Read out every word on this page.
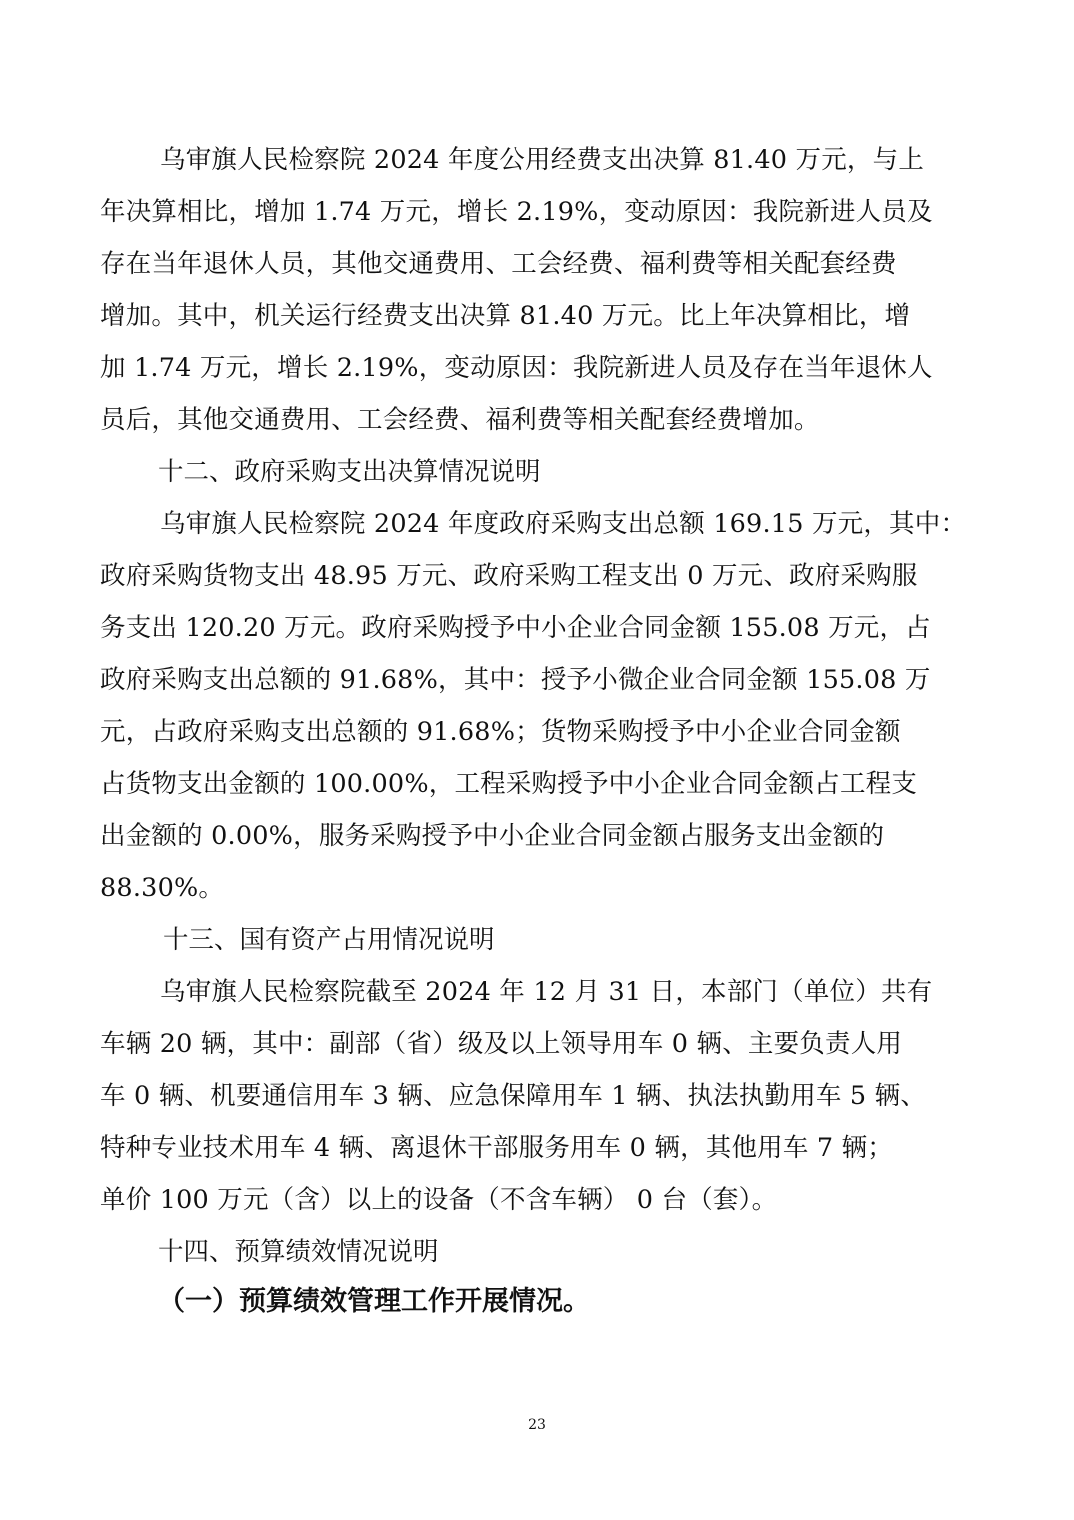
乌审旗人民检察院 2024 年度公用经费支出决算 81.40 万元，与上
年决算相比，增加 1.74 万元，增长 2.19%，变动原因：我院新进人员及
存在当年退休人员，其他交通费用、工会经费、福利费等相关配套经费
增加。其中，机关运行经费支出决算 81.40 万元。比上年决算相比，增
加 1.74 万元，增长 2.19%，变动原因：我院新进人员及存在当年退休人
员后，其他交通费用、工会经费、福利费等相关配套经费增加。
十二、政府采购支出决算情况说明
乌审旗人民检察院 2024 年度政府采购支出总额 169.15 万元，其中：
政府采购货物支出 48.95 万元、政府采购工程支出 0 万元、政府采购服
务支出 120.20 万元。政府采购授予中小企业合同金额 155.08 万元，占
政府采购支出总额的 91.68%，其中：授予小微企业合同金额 155.08 万
元，占政府采购支出总额的 91.68%；货物采购授予中小企业合同金额
占货物支出金额的 100.00%，工程采购授予中小企业合同金额占工程支
出金额的 0.00%，服务采购授予中小企业合同金额占服务支出金额的
88.30%。
十三、国有资产占用情况说明
乌审旗人民检察院截至 2024 年 12 月 31 日，本部门（单位）共有
车辆 20 辆，其中：副部（省）级及以上领导用车 0 辆、主要负责人用
车 0 辆、机要通信用车 3 辆、应急保障用车 1 辆、执法执勤用车 5 辆、
特种专业技术用车 4 辆、离退休干部服务用车 0 辆，其他用车 7 辆；
单价 100 万元（含）以上的设备（不含车辆） 0 台（套）。
十四、预算绩效情况说明
（一）预算绩效管理工作开展情况。
23
